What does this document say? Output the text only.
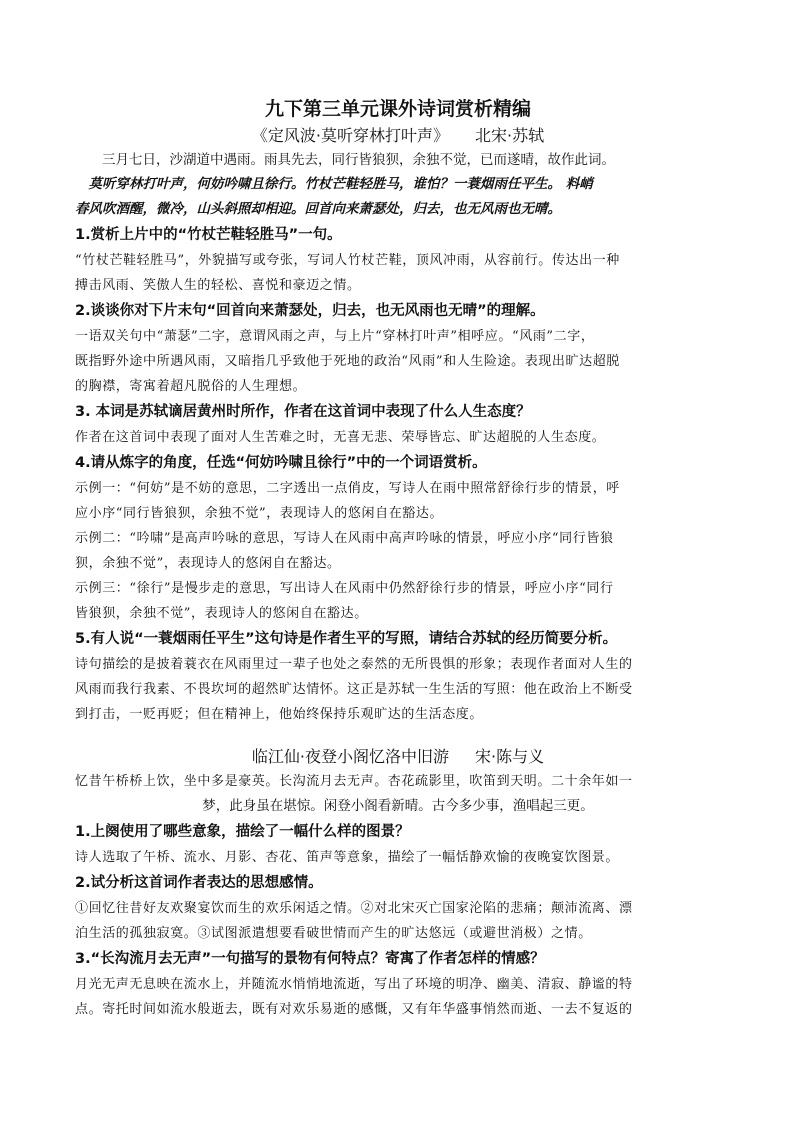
九下第三单元课外诗词赏析精编

《定风波·莫听穿林打叶声》 北宋·苏轼

三月七日，沙湖道中遇雨。雨具先去，同行皆狼狈，余独不觉，已而遂晴，故作此词。

莫听穿林打叶声，何妨吟啸且徐行。竹杖芒鞋轻胜马，谁怕？一蓑烟雨任平生。 料峭

春风吹酒醒，微冷，山头斜照却相迎。回首向来萧瑟处，归去，也无风雨也无晴。

1.赏析上片中的“竹杖芒鞋轻胜马”一句。

“竹杖芒鞋轻胜马”，外貌描写或夸张，写词人竹杖芒鞋，顶风冲雨，从容前行。传达出一种

搏击风雨、笑傲人生的轻松、喜悦和豪迈之情。

2.谈谈你对下片末句“回首向来萧瑟处，归去，也无风雨也无晴”的理解。

一语双关句中“萧瑟”二字，意谓风雨之声，与上片“穿林打叶声”相呼应。“风雨”二字，

既指野外途中所遇风雨，又暗指几乎致他于死地的政治“风雨”和人生险途。表现出旷达超脱

的胸襟，寄寓着超凡脱俗的人生理想。

3. 本词是苏轼谪居黄州时所作，作者在这首词中表现了什么人生态度？

作者在这首词中表现了面对人生苦难之时，无喜无悲、荣辱皆忘、旷达超脱的人生态度。

4.请从炼字的角度，任选“何妨吟啸且徐行”中的一个词语赏析。

示例一：“何妨”是不妨的意思，二字透出一点俏皮，写诗人在雨中照常舒徐行步的情景，呼

应小序“同行皆狼狈，余独不觉”，表现诗人的悠闲自在豁达。

示例二：“吟啸”是高声吟咏的意思，写诗人在风雨中高声吟咏的情景，呼应小序“同行皆狼

狈，余独不觉”，表现诗人的悠闲自在豁达。

示例三：“徐行”是慢步走的意思，写出诗人在风雨中仍然舒徐行步的情景，呼应小序“同行

皆狼狈，余独不觉”，表现诗人的悠闲自在豁达。

5.有人说“一蓑烟雨任平生”这句诗是作者生平的写照，请结合苏轼的经历简要分析。

诗句描绘的是披着蓑衣在风雨里过一辈子也处之泰然的无所畏惧的形象；表现作者面对人生的

风雨而我行我素、不畏坎坷的超然旷达情怀。这正是苏轼一生生活的写照：他在政治上不断受

到打击，一贬再贬；但在精神上，他始终保持乐观旷达的生活态度。

临江仙·夜登小阁忆洛中旧游 宋·陈与义

忆昔午桥桥上饮，坐中多是豪英。长沟流月去无声。杏花疏影里，吹笛到天明。二十余年如一

梦，此身虽在堪惊。闲登小阁看新晴。古今多少事，渔唱起三更。

1.上阕使用了哪些意象，描绘了一幅什么样的图景？

诗人选取了午桥、流水、月影、杏花、笛声等意象，描绘了一幅恬静欢愉的夜晚宴饮图景。

2.试分析这首词作者表达的思想感情。

①回忆往昔好友欢聚宴饮而生的欢乐闲适之情。②对北宋灭亡国家沦陷的悲痛；颠沛流离、漂

泊生活的孤独寂寞。③试图派遣想要看破世情而产生的旷达悠远（或避世消极）之情。

3.“长沟流月去无声”一句描写的景物有何特点？寄寓了作者怎样的情感？

月光无声无息映在流水上，并随流水悄悄地流逝，写出了环境的明净、幽美、清寂、静谧的特

点。寄托时间如流水般逝去，既有对欢乐易逝的感慨，又有年华盛事悄然而逝、一去不复返的
